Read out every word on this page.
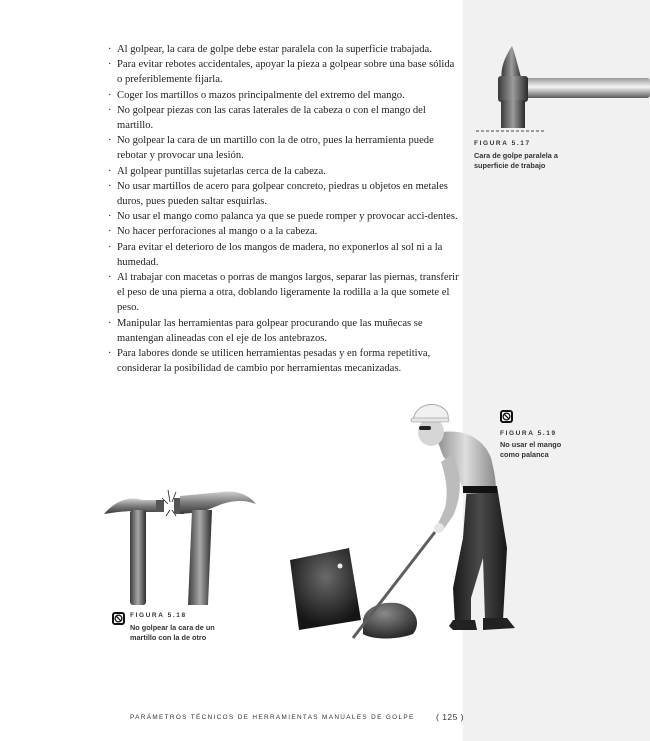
· Al golpear, la cara de golpe debe estar paralela con la superficie trabajada.
· Para evitar rebotes accidentales, apoyar la pieza a golpear sobre una base sólida o preferiblemente fijarla.
· Coger los martillos o mazos principalmente del extremo del mango.
· No golpear piezas con las caras laterales de la cabeza o con el mango del martillo.
· No golpear la cara de un martillo con la de otro, pues la herramienta puede rebotar y provocar una lesión.
· Al golpear puntillas sujetarlas cerca de la cabeza.
· No usar martillos de acero para golpear concreto, piedras u objetos en metales duros, pues pueden saltar esquirlas.
· No usar el mango como palanca ya que se puede romper y provocar acci-dentes.
· No hacer perforaciones al mango o a la cabeza.
· Para evitar el deterioro de los mangos de madera, no exponerlos al sol ni a la humedad.
· Al trabajar con macetas o porras de mangos largos, separar las piernas, transferir el peso de una pierna a otra, doblando ligeramente la rodilla a la que somete el peso.
· Manipular las herramientas para golpear procurando que las muñecas se mantengan alineadas con el eje de los antebrazos.
· Para labores donde se utilicen herramientas pesadas y en forma repetitiva, considerar la posibilidad de cambio por herramientas mecanizadas.
FIGURA 5.17
Cara de golpe paralela a
superficie de trabajo
FIGURA 5.18
No golpear la cara de un
martillo con la de otro
FIGURA 5.19
No usar el mango
como palanca
PARÁMETROS TÉCNICOS DE HERRAMIENTAS MANUALES DE GOLPE	( 125 )
